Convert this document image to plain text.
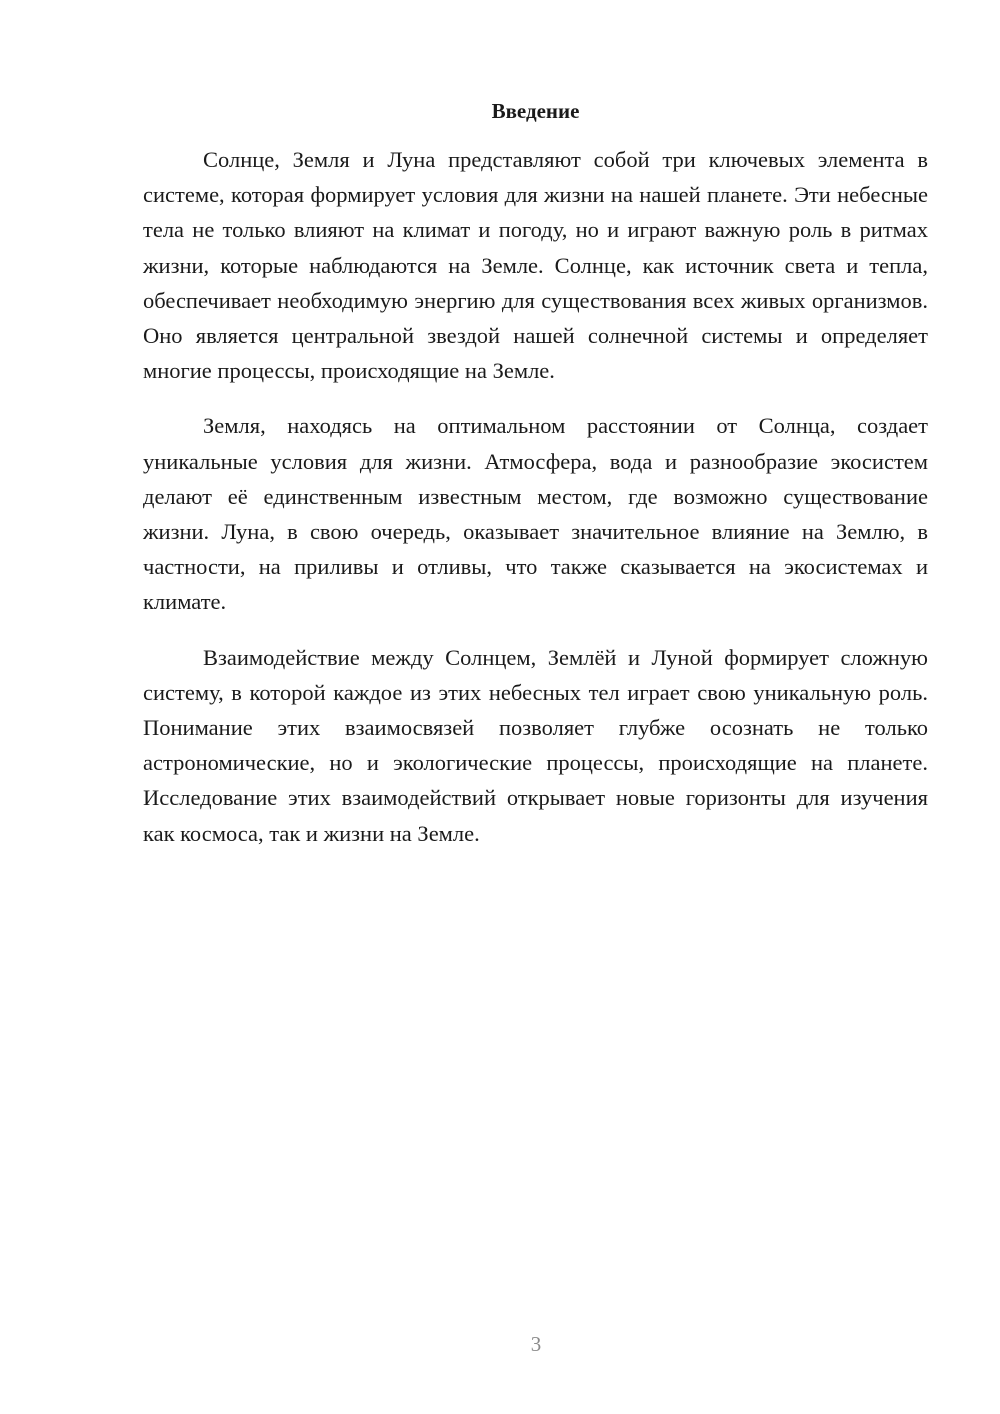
Введение

Солнце, Земля и Луна представляют собой три ключевых элемента в системе, которая формирует условия для жизни на нашей планете. Эти небесные тела не только влияют на климат и погоду, но и играют важную роль в ритмах жизни, которые наблюдаются на Земле. Солнце, как источник света и тепла, обеспечивает необходимую энергию для существования всех живых организмов. Оно является центральной звездой нашей солнечной системы и определяет многие процессы, происходящие на Земле.

Земля, находясь на оптимальном расстоянии от Солнца, создает уникальные условия для жизни. Атмосфера, вода и разнообразие экосистем делают её единственным известным местом, где возможно существование жизни. Луна, в свою очередь, оказывает значительное влияние на Землю, в частности, на приливы и отливы, что также сказывается на экосистемах и климате.

Взаимодействие между Солнцем, Землёй и Луной формирует сложную систему, в которой каждое из этих небесных тел играет свою уникальную роль. Понимание этих взаимосвязей позволяет глубже осознать не только астрономические, но и экологические процессы, происходящие на планете. Исследование этих взаимодействий открывает новые горизонты для изучения как космоса, так и жизни на Земле.

3
